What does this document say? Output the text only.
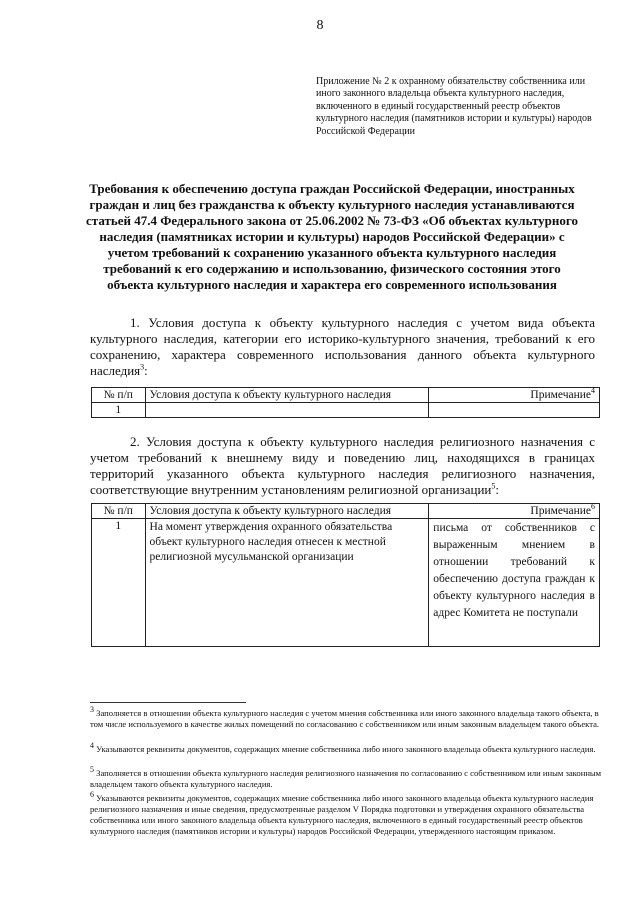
8
Приложение № 2 к охранному обязательству собственника или иного законного владельца объекта культурного наследия, включенного в единый государственный реестр объектов культурного наследия (памятников истории и культуры) народов Российской Федерации
Требования к обеспечению доступа граждан Российской Федерации, иностранных граждан и лиц без гражданства к объекту культурного наследия устанавливаются статьей 47.4 Федерального закона от 25.06.2002 № 73-ФЗ «Об объектах культурного наследия (памятниках истории и культуры) народов Российской Федерации» с учетом требований к сохранению указанного объекта культурного наследия требований к его содержанию и использованию, физического состояния этого объекта культурного наследия и характера его современного использования
1. Условия доступа к объекту культурного наследия с учетом вида объекта культурного наследия, категории его историко-культурного значения, требований к его сохранению, характера современного использования данного объекта культурного наследия$^3$:
№ п/п	Условия доступа к объекту культурного наследия	Примечание$^4$
1		
2. Условия доступа к объекту культурного наследия религиозного назначения с учетом требований к внешнему виду и поведению лиц, находящихся в границах территорий указанного объекта культурного наследия религиозного назначения, соответствующие внутренним установлениям религиозной организации$^5$:
№ п/п	Условия доступа к объекту культурного наследия	Примечание$^6$
1	На момент утверждения охранного обязательства объект культурного наследия отнесен к местной религиозной мусульманской организации	письма от собственников с выраженным мнением в отношении требований к обеспечению доступа граждан к объекту культурного наследия в адрес Комитета не поступали
$^3$ Заполняется в отношении объекта культурного наследия с учетом мнения собственника или иного законного владельца такого объекта, в том числе используемого в качестве жилых помещений по согласованию с собственником или иным законным владельцем такого объекта.
$^4$ Указываются реквизиты документов, содержащих мнение собственника либо иного законного владельца объекта культурного наследия.
$^5$ Заполняется в отношении объекта культурного наследия религиозного назначения по согласованию с собственником или иным законным владельцем такого объекта культурного наследия.
$^6$ Указываются реквизиты документов, содержащих мнение собственника либо иного законного владельца объекта культурного наследия религиозного назначения и иные сведения, предусмотренные разделом V Порядка подготовки и утверждения охранного обязательства собственника или иного законного владельца объекта культурного наследия, включенного в единый государственный реестр объектов культурного наследия (памятников истории и культуры) народов Российской Федерации, утвержденного настоящим приказом.
